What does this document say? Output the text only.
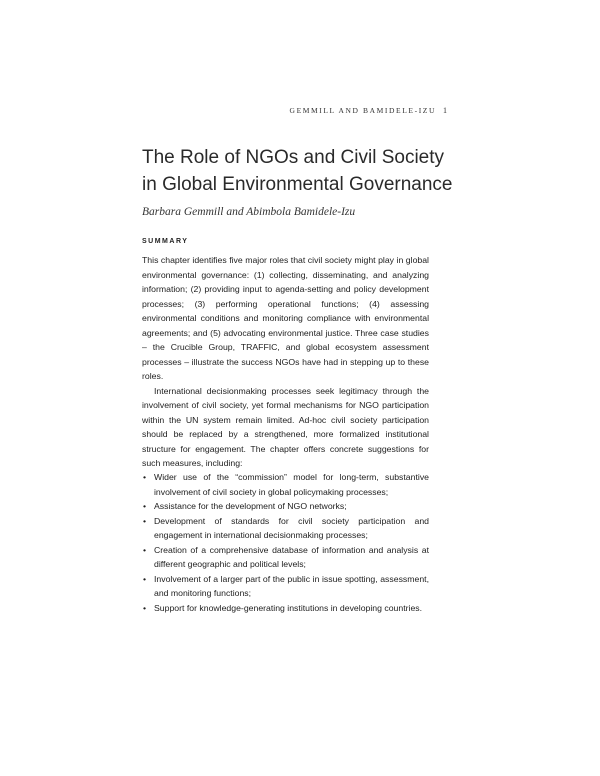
GEMMILL AND BAMIDELE-IZU 1
The Role of NGOs and Civil Society
in Global Environmental Governance
Barbara Gemmill and Abimbola Bamidele-Izu
SUMMARY

This chapter identifies five major roles that civil society might play in global environmental governance: (1) collecting, disseminating, and analyzing information; (2) providing input to agenda-setting and policy development processes; (3) performing operational functions; (4) assessing environmental conditions and monitoring compliance with environmental agreements; and (5) advocating environmental justice. Three case studies – the Crucible Group, TRAFFIC, and global ecosystem assessment processes – illustrate the success NGOs have had in stepping up to these roles.

International decisionmaking processes seek legitimacy through the involvement of civil society, yet formal mechanisms for NGO participation within the UN system remain limited. Ad-hoc civil society participation should be replaced by a strengthened, more formalized institutional structure for engagement. The chapter offers concrete suggestions for such measures, including:

• Wider use of the “commission” model for long-term, substantive involvement of civil society in global policymaking processes;
• Assistance for the development of NGO networks;
• Development of standards for civil society participation and engagement in international decisionmaking processes;
• Creation of a comprehensive database of information and analysis at different geographic and political levels;
• Involvement of a larger part of the public in issue spotting, assessment, and monitoring functions;
• Support for knowledge-generating institutions in developing countries.
